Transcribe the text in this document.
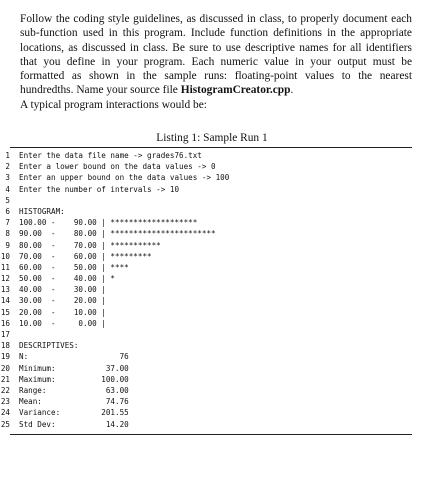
Follow the coding style guidelines, as discussed in class, to properly document each sub-function used in this program. Include function definitions in the appropriate locations, as discussed in class. Be sure to use descriptive names for all identifiers that you define in your program. Each numeric value in your output must be formatted as shown in the sample runs: floating-point values to the nearest hundredths. Name your source file HistogramCreator.cpp.
A typical program interactions would be:

Listing 1: Sample Run 1
1 Enter the data file name -> grades76.txt
2 Enter a lower bound on the data values -> 0
3 Enter an upper bound on the data values -> 100
4 Enter the number of intervals -> 10
5
6 HISTOGRAM:
7 100.00 -    90.00 | *******************
8 90.00  -    80.00 | ***********************
9 80.00  -    70.00 | ***********
10 70.00  -    60.00 | *********
11 60.00  -    50.00 | ****
12 50.00  -    40.00 | *
13 40.00  -    30.00 |
14 30.00  -    20.00 |
15 20.00  -    10.00 |
16 10.00  -     0.00 |
17
18 DESCRIPTIVES:
19 N:                    76
20 Minimum:           37.00
21 Maximum:          100.00
22 Range:             63.00
23 Mean:              74.76
24 Variance:         201.55
25 Std Dev:           14.20
